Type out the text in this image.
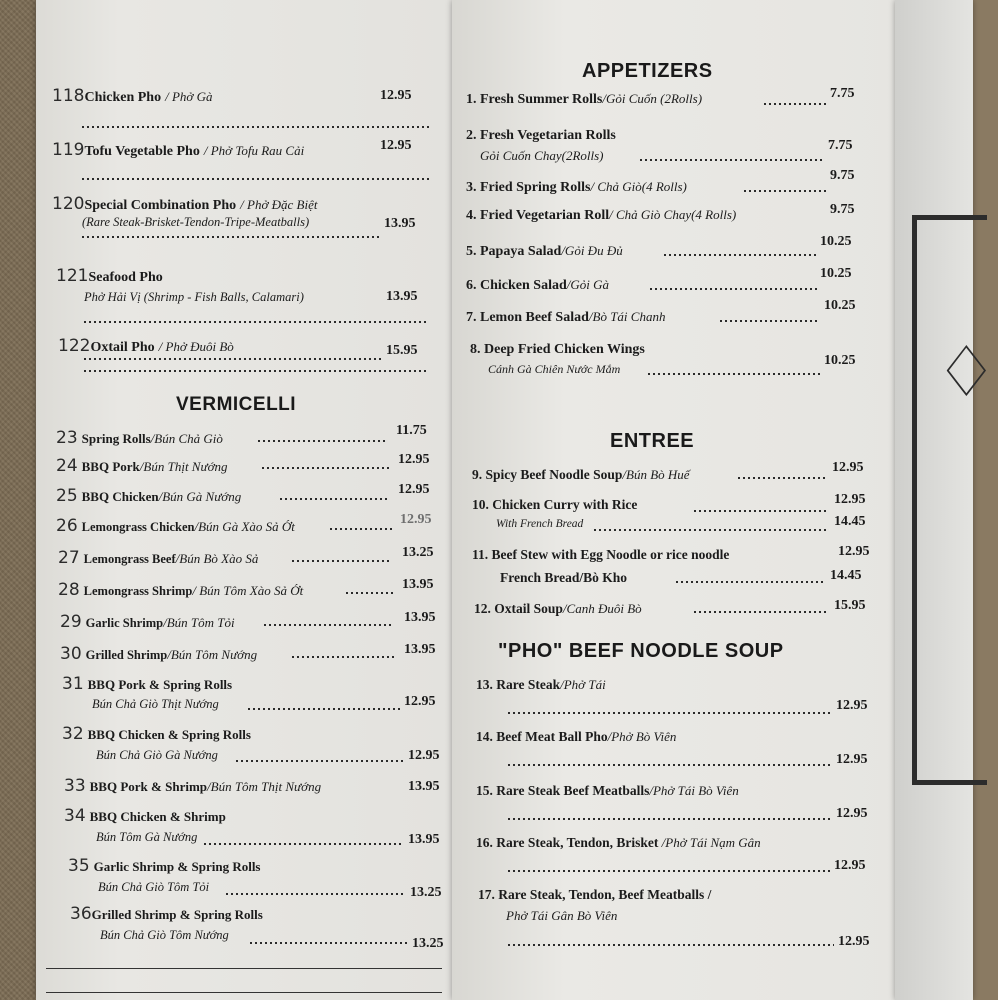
♢
118Chicken Pho / Phở Gà	12.95
119Tofu Vegetable Pho / Phở Tofu Rau Cải	12.95
120Special Combination Pho / Phở Đặc Biệt
(Rare Steak-Brisket-Tendon-Tripe-Meatballs)	13.95
121Seafood Pho
Phở Hải Vị (Shrimp - Fish Balls, Calamari)	13.95
122Oxtail Pho / Phở Đuôi Bò	15.95
VERMICELLI
23 Spring Rolls/Bún Chả Giò
11.75
24 BBQ Pork/Bún Thịt Nướng	12.95
25 BBQ Chicken/Bún Gà Nướng	12.95
26 Lemongrass Chicken/Bún Gà Xào Sả Ớt	12.95
27 Lemongrass Beef/Bún Bò Xào Sả	13.25
28 Lemongrass Shrimp/ Bún Tôm Xào Sả Ớt	13.95
29 Garlic Shrimp/Bún Tôm Tỏi	13.95
30 Grilled Shrimp/Bún Tôm Nướng	13.95
31 BBQ Pork & Spring Rolls
Bún Chả Giò Thịt Nướng	12.95
32 BBQ Chicken & Spring Rolls
Bún Chả Giò Gà Nướng	12.95
33 BBQ Pork & Shrimp/Bún Tôm Thịt Nướng	13.95
34 BBQ Chicken & Shrimp
Bún Tôm Gà Nướng	13.95
35 Garlic Shrimp & Spring Rolls
Bún Chả Giò Tôm Tỏi	13.25
36Grilled Shrimp & Spring Rolls
Bún Chả Giò Tôm Nướng
13.25
APPETIZERS
1. Fresh Summer Rolls/Gỏi Cuốn (2Rolls)	7.75
2. Fresh Vegetarian Rolls
Gỏi Cuốn Chay(2Rolls)
7.75
3. Fried Spring Rolls/ Chả Giò(4 Rolls)
9.75
4. Fried Vegetarian Roll/ Chả Giò Chay(4 Rolls)	9.75
5. Papaya Salad/Gỏi Đu Đủ
10.25
6. Chicken Salad/Gỏi Gà
10.25
7. Lemon Beef Salad/Bò Tái Chanh
10.25
8. Deep Fried Chicken Wings
Cánh Gà Chiên Nước Mắm
10.25
ENTREE
9. Spicy Beef Noodle Soup/Bún Bò Huế	12.95
10. Chicken Curry with Rice	12.95
With French Bread	14.45
11. Beef Stew with Egg Noodle or rice noodle	12.95
French Bread/Bò Kho	14.45
12. Oxtail Soup/Canh Đuôi Bò	15.95
"PHO" BEEF NOODLE SOUP
13. Rare Steak/Phở Tái
12.95
14. Beef Meat Ball Pho/Phở Bò Viên
12.95
15. Rare Steak Beef Meatballs/Phở Tái Bò Viên
12.95
16. Rare Steak, Tendon, Brisket /Phở Tái Nạm Gân
12.95
17. Rare Steak, Tendon, Beef Meatballs /
Phở Tái Gân Bò Viên
12.95
